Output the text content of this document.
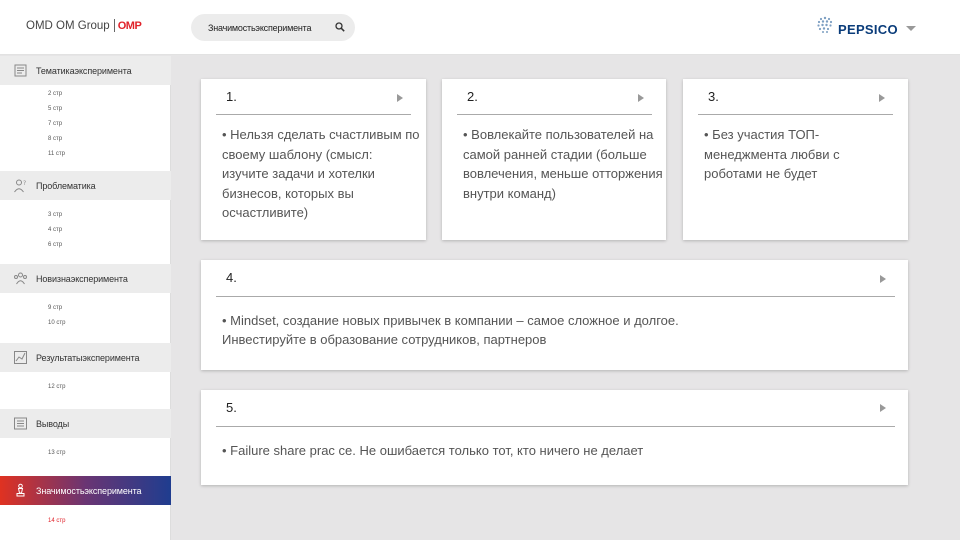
OMD OM Group OMP	Значимостьэксперимента	PEPSICO
Тематикаэксперимента
2 стр
5 стр
7 стр
8 стр
11 стр
? Проблематика
3 стр
4 стр
6 стр
Новизнаэксперимента
9 стр
10 стр
Результатыэксперимента
12 стр
Выводы
13 стр
Значимостьэксперимента
14 стр
1.
• Нельзя сделать счастливым по своему шаблону (смысл: изучите задачи и хотелки бизнесов, которых вы осчастливите)
2.
• Вовлекайте пользователей на самой ранней стадии (больше вовлечения, меньше отторжения внутри команд)
3.
• Без участия ТОП-менеджмента любви с роботами не будет
4.
• Mindset, создание новых привычек в компании – самое сложное и долгое.
Инвестируйте в образование сотрудников, партнеров
5.
• Failure share prac ce. Не ошибается только тот, кто ничего не делает
